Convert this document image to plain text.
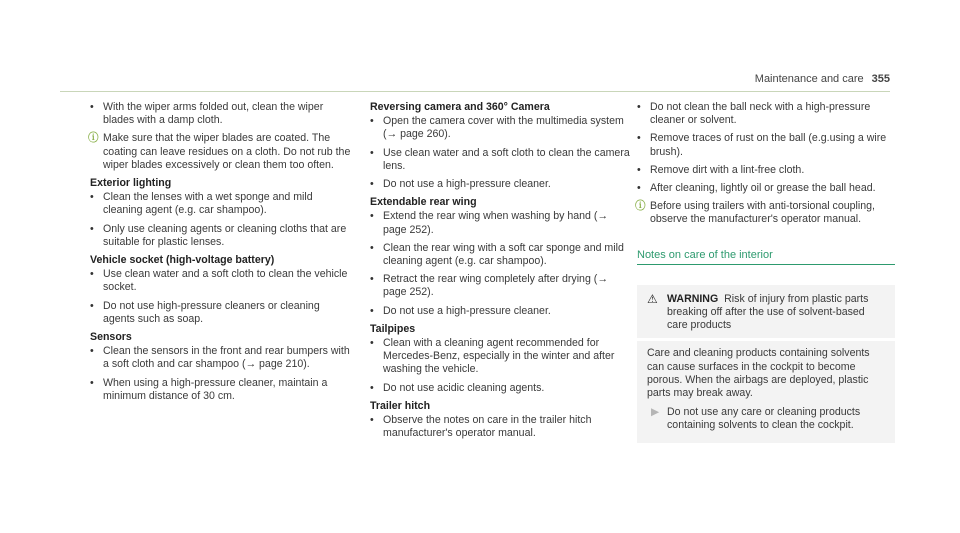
Maintenance and care 355
• With the wiper arms folded out, clean the wiper blades with a damp cloth.
ⓘ Make sure that the wiper blades are coated. The coating can leave residues on a cloth. Do not rub the wiper blades excessively or clean them too often.
Exterior lighting
• Clean the lenses with a wet sponge and mild cleaning agent (e.g. car shampoo).
• Only use cleaning agents or cleaning cloths that are suitable for plastic lenses.
Vehicle socket (high-voltage battery)
• Use clean water and a soft cloth to clean the vehicle socket.
• Do not use high-pressure cleaners or cleaning agents such as soap.
Sensors
• Clean the sensors in the front and rear bumpers with a soft cloth and car shampoo (→ page 210).
• When using a high-pressure cleaner, maintain a minimum distance of 30 cm.
Reversing camera and 360° Camera
• Open the camera cover with the multimedia system (→ page 260).
• Use clean water and a soft cloth to clean the camera lens.
• Do not use a high-pressure cleaner.
Extendable rear wing
• Extend the rear wing when washing by hand (→ page 252).
• Clean the rear wing with a soft car sponge and mild cleaning agent (e.g. car shampoo).
• Retract the rear wing completely after drying (→ page 252).
• Do not use a high-pressure cleaner.
Tailpipes
• Clean with a cleaning agent recommended for Mercedes-Benz, especially in the winter and after washing the vehicle.
• Do not use acidic cleaning agents.
Trailer hitch
• Observe the notes on care in the trailer hitch manufacturer's operator manual.
• Do not clean the ball neck with a high-pressure cleaner or solvent.
• Remove traces of rust on the ball (e.g.using a wire brush).
• Remove dirt with a lint-free cloth.
• After cleaning, lightly oil or grease the ball head.
ⓘ Before using trailers with anti-torsional coupling, observe the manufacturer's operator manual.
Notes on care of the interior
⚠ WARNING Risk of injury from plastic parts breaking off after the use of solvent-based care products
Care and cleaning products containing solvents can cause surfaces in the cockpit to become porous. When the airbags are deployed, plastic parts may break away.
▶ Do not use any care or cleaning products containing solvents to clean the cockpit.
